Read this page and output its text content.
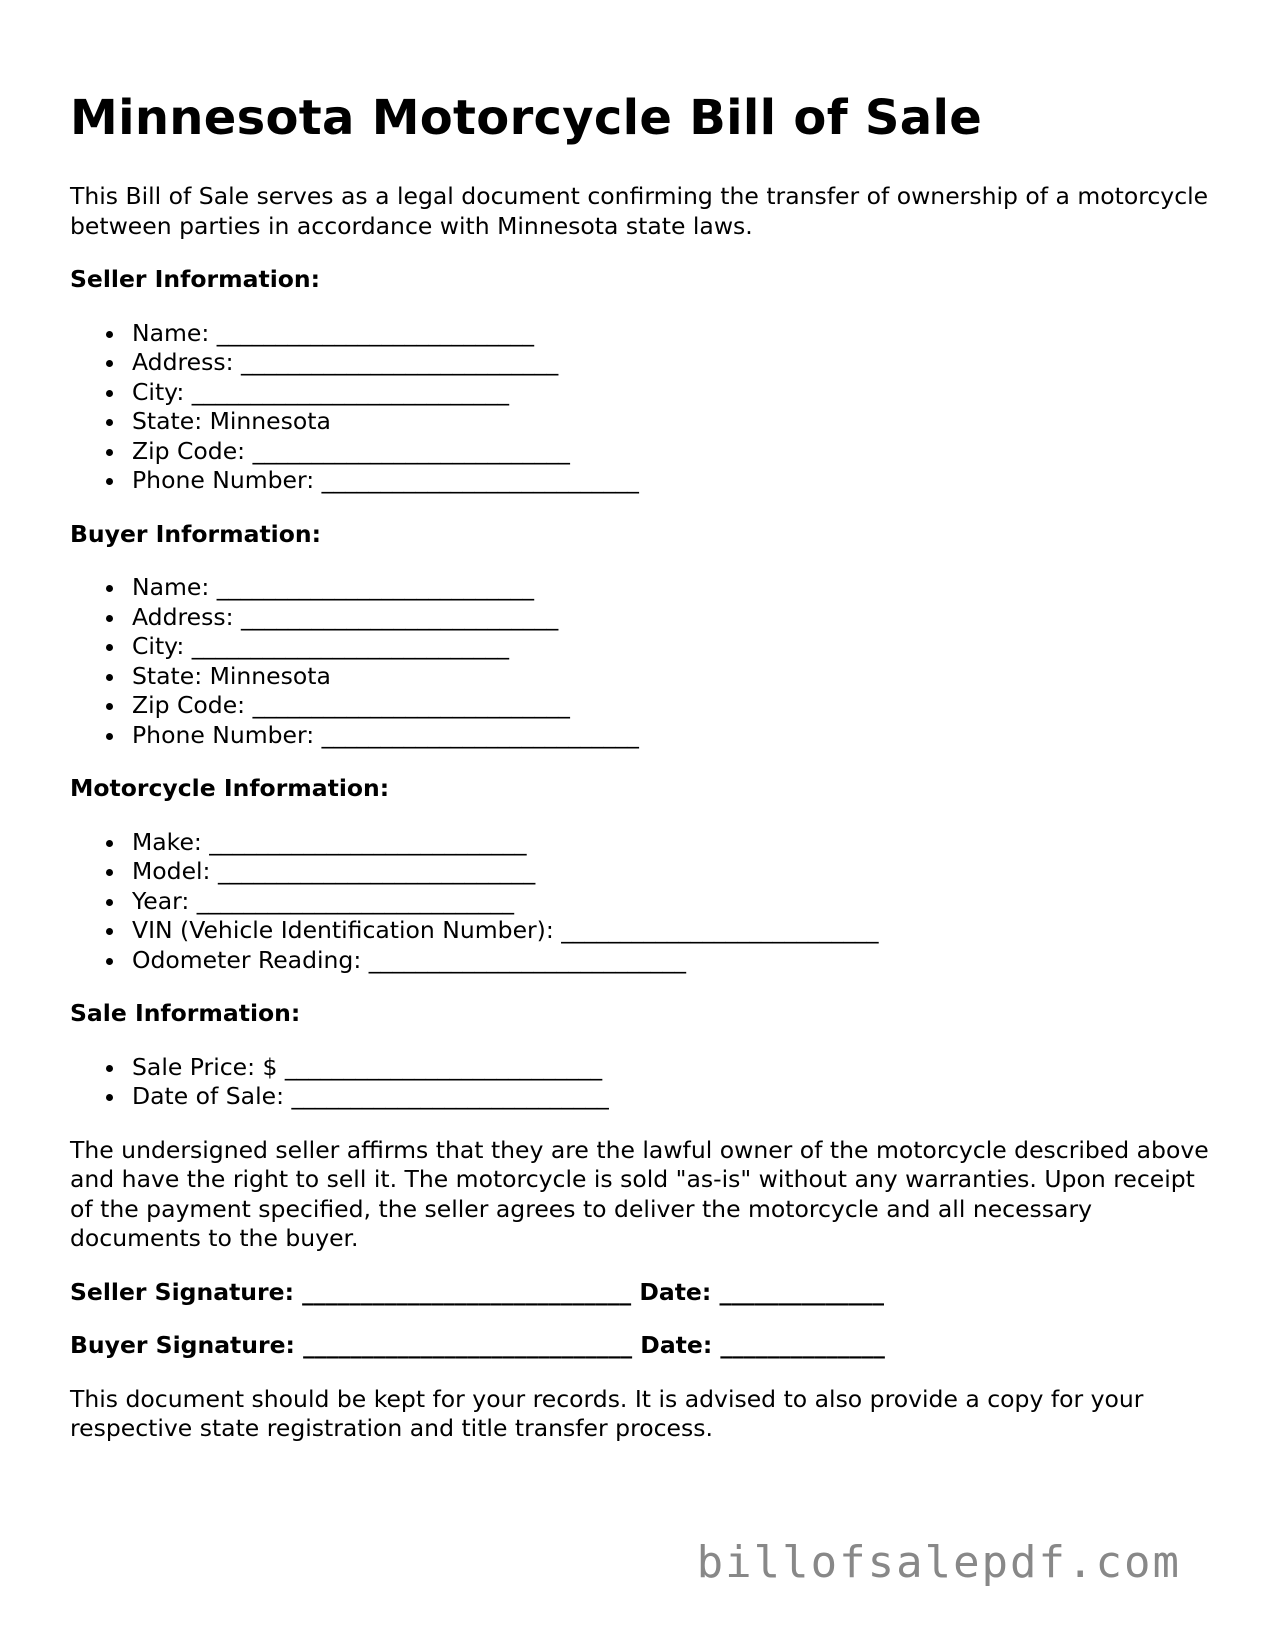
Minnesota Motorcycle Bill of Sale

This Bill of Sale serves as a legal document confirming the transfer of ownership of a motorcycle between parties in accordance with Minnesota state laws.

Seller Information:
Name: ___________________________
Address: ___________________________
City: ___________________________
State: Minnesota
Zip Code: ___________________________
Phone Number: ___________________________
Buyer Information:
Name: ___________________________
Address: ___________________________
City: ___________________________
State: Minnesota
Zip Code: ___________________________
Phone Number: ___________________________
Motorcycle Information:
Make: ___________________________
Model: ___________________________
Year: ___________________________
VIN (Vehicle Identification Number): ___________________________
Odometer Reading: ___________________________
Sale Information:
Sale Price: $ ___________________________
Date of Sale: ___________________________

The undersigned seller affirms that they are the lawful owner of the motorcycle described above and have the right to sell it. The motorcycle is sold "as-is" without any warranties. Upon receipt of the payment specified, the seller agrees to deliver the motorcycle and all necessary documents to the buyer.

Seller Signature: ____________________________ Date: ______________
Buyer Signature: ____________________________ Date: ______________

This document should be kept for your records. It is advised to also provide a copy for your respective state registration and title transfer process.

billofsalepdf.com
